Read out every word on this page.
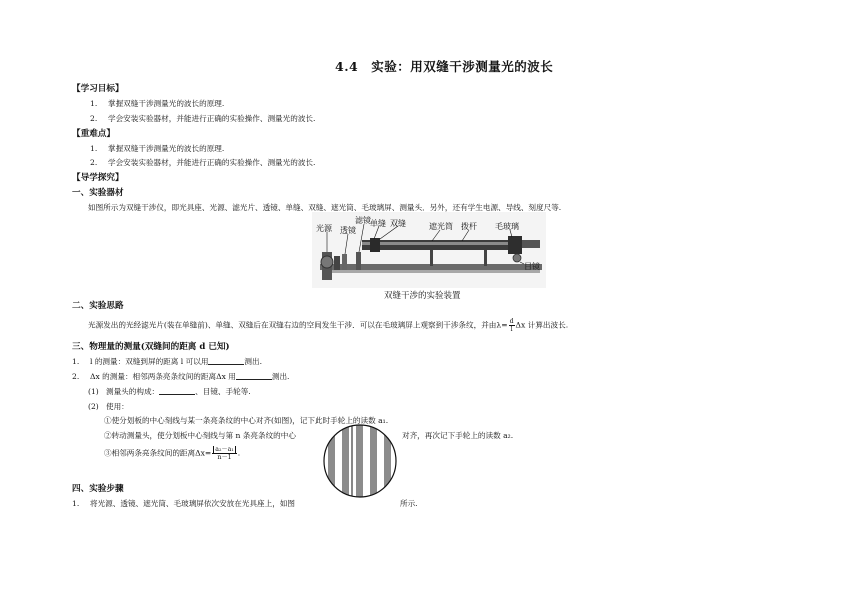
4.4　实验：用双缝干涉测量光的波长
【学习目标】
1. 掌握双缝干涉测量光的波长的原理.
2. 学会安装实验器材，并能进行正确的实验操作、测量光的波长.
【重难点】
1. 掌握双缝干涉测量光的波长的原理.
2. 学会安装实验器材，并能进行正确的实验操作、测量光的波长.
【导学探究】
一、实验器材
如图所示为双缝干涉仪，即光具座、光源、滤光片、透镜、单缝、双缝、遮光筒、毛玻璃屏、测量头．另外，还有学生电源、导线、刻度尺等.
光源 透镜
滤镜 单缝 双缝	遮光筒 拨杆 毛玻璃
目镜
双缝干涉的实验装置
二、实验思路
光源发出的光经滤光片(装在单缝前)、单缝、双缝后在双缝右边的空间发生干涉．可以在毛玻璃屏上观察到干涉条纹，并由$\lambda= \frac{d}{l}$ Δx 计算出波长.
三、物理量的测量(双缝间的距离 d 已知)
1. l 的测量：双缝到屏的距离 l 可以用	测出.
2. Δx 的测量：相邻两条亮条纹间的距离Δx 用	测出.
(1) 测量头的构成：	、目镜、手轮等.
(2) 使用：
①使分划板的中心刻线与某一条亮条纹的中心对齐(如图)，记下此时手轮上的读数 a₁.
②转动测量头，使分划板中心刻线与第 n 条亮条纹的中心	对齐，再次记下手轮上的读数 a₂.
③相邻两条亮条纹间的距离$\Delta x= \frac{\text{a₂－a₁}}{n-1}$ .
四、实验步骤
1. 将光源、透镜、遮光筒、毛玻璃屏依次安放在光具座上，如图	所示.
